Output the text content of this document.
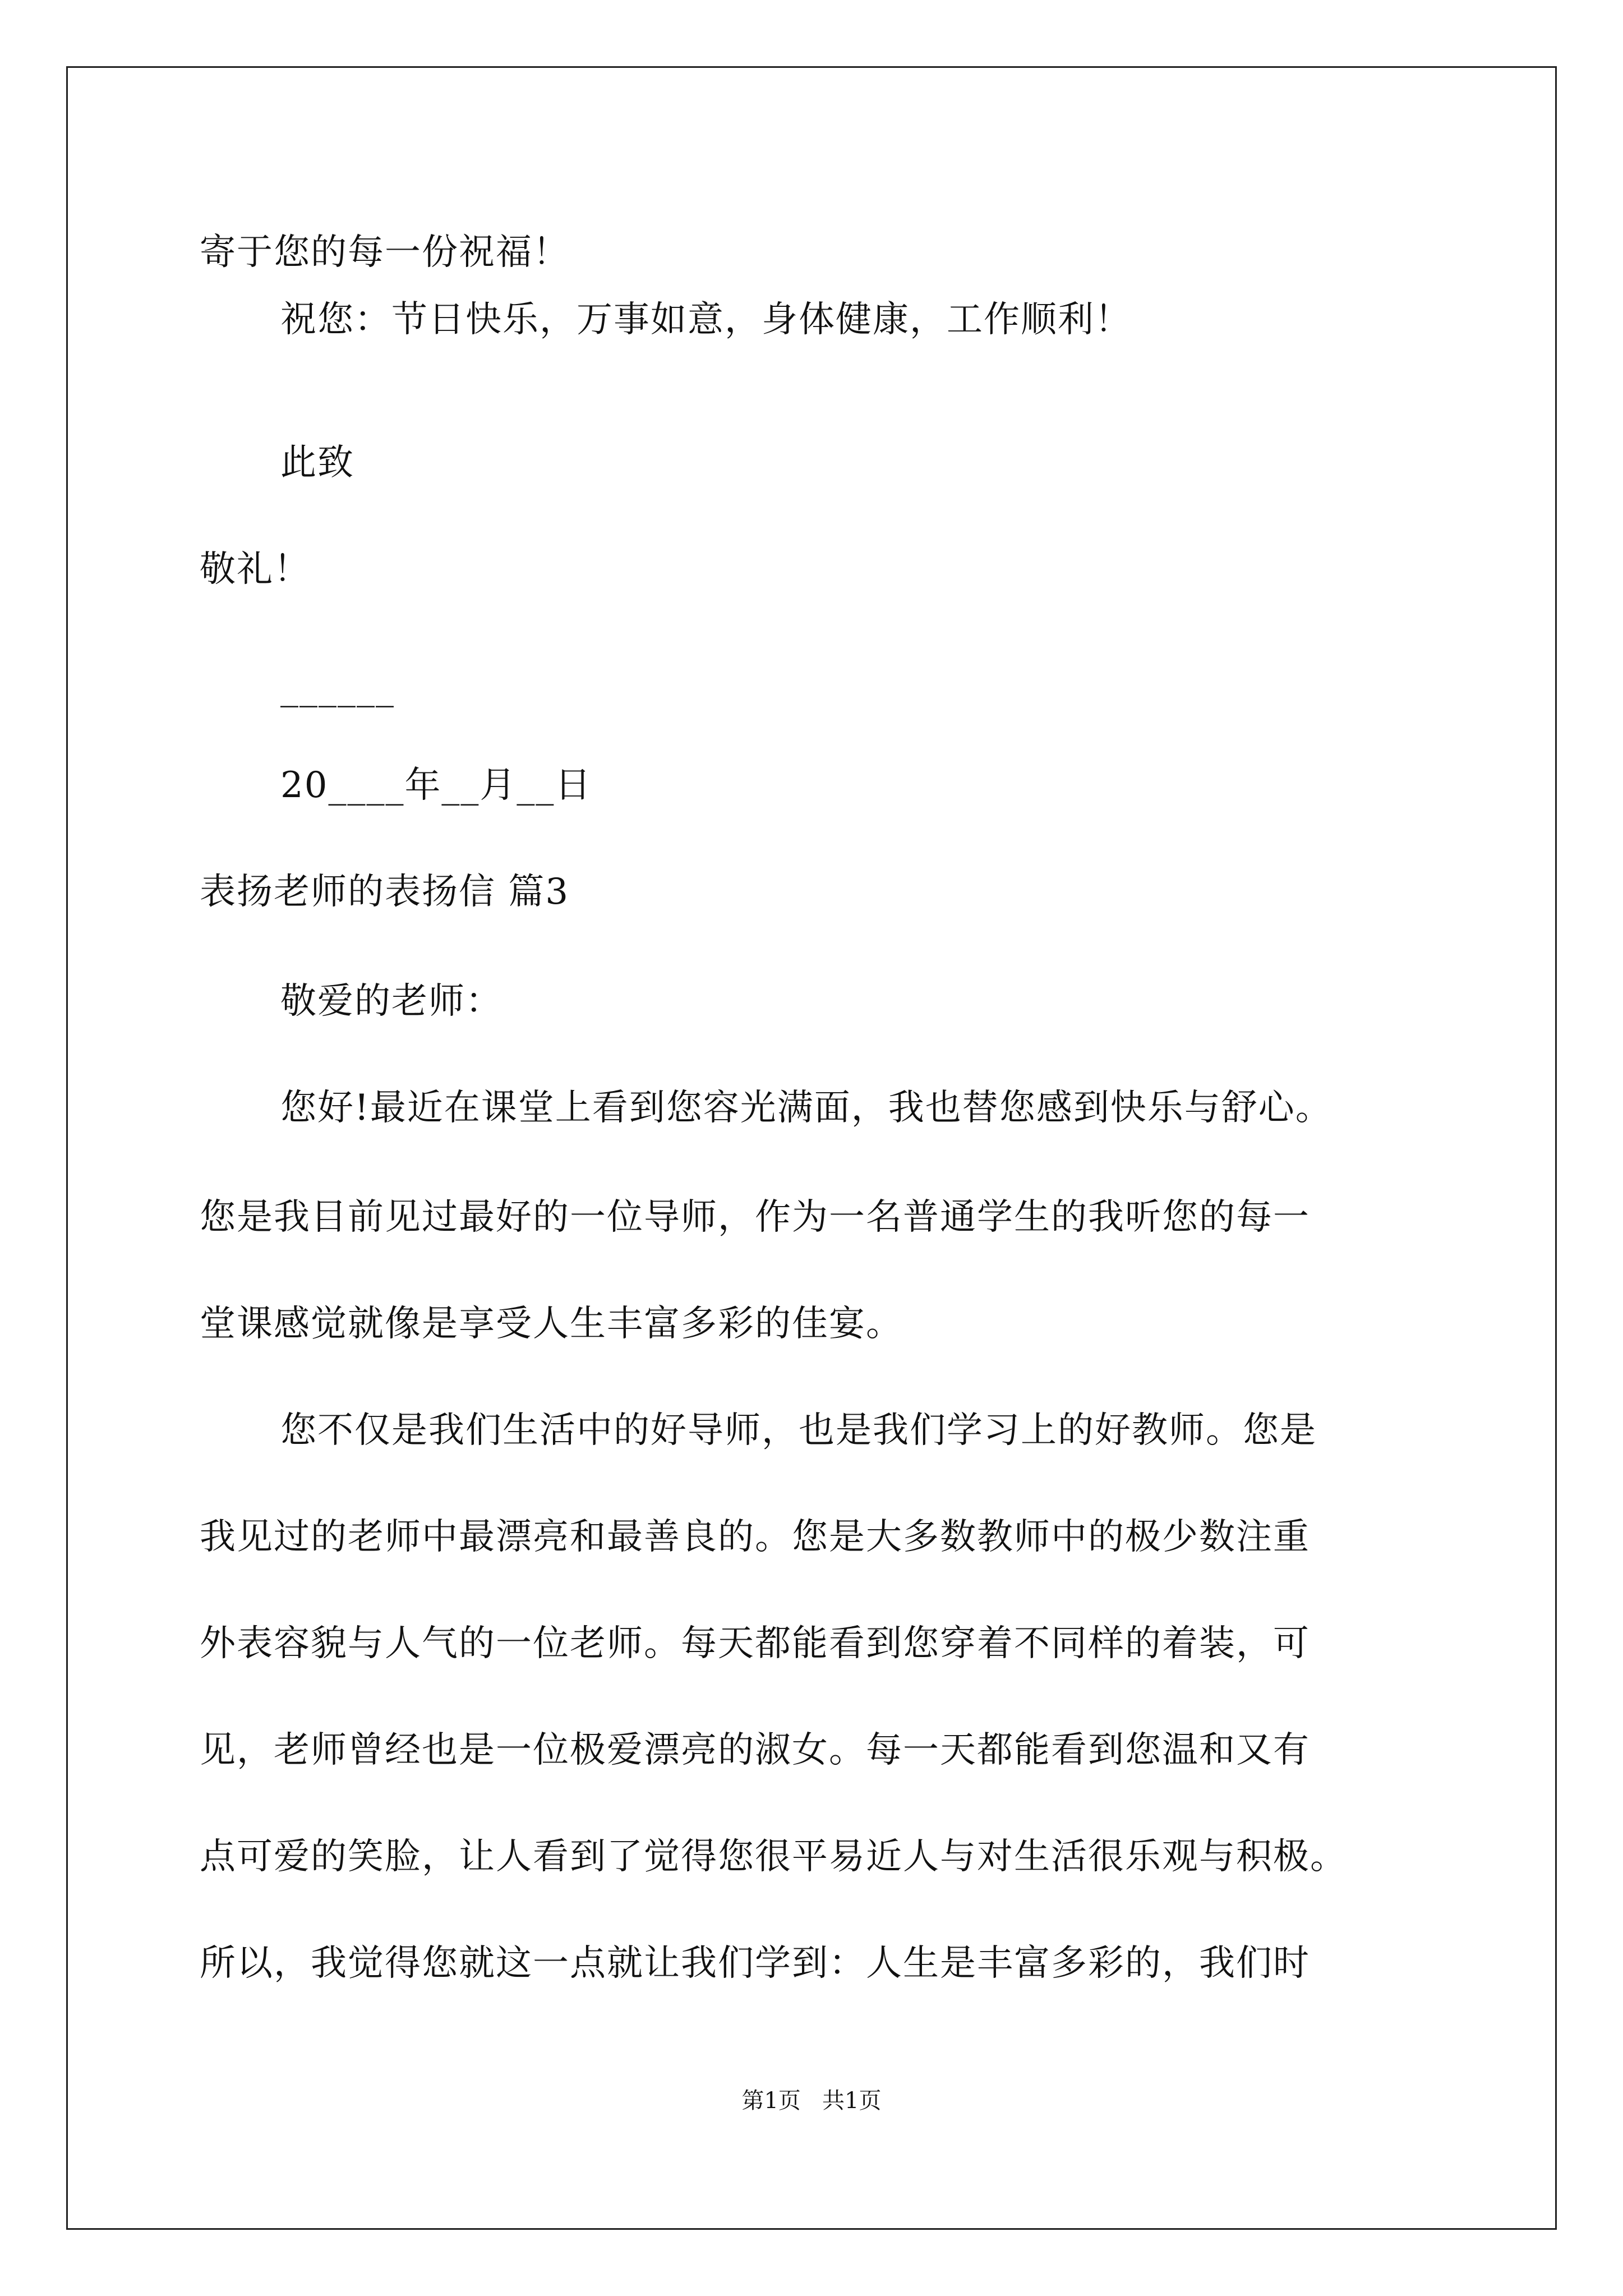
寄于您的每一份祝福！
祝您：节日快乐，万事如意，身体健康，工作顺利！
此致
敬礼！
______
20____年__月__日
表扬老师的表扬信 篇3
敬爱的老师：
您好!最近在课堂上看到您容光满面，我也替您感到快乐与舒心。
您是我目前见过最好的一位导师，作为一名普通学生的我听您的每一
堂课感觉就像是享受人生丰富多彩的佳宴。
您不仅是我们生活中的好导师，也是我们学习上的好教师。您是
我见过的老师中最漂亮和最善良的。您是大多数教师中的极少数注重
外表容貌与人气的一位老师。每天都能看到您穿着不同样的着装，可
见，老师曾经也是一位极爱漂亮的淑女。每一天都能看到您温和又有
点可爱的笑脸，让人看到了觉得您很平易近人与对生活很乐观与积极。
所以，我觉得您就这一点就让我们学到：人生是丰富多彩的，我们时
第1页   共1页
